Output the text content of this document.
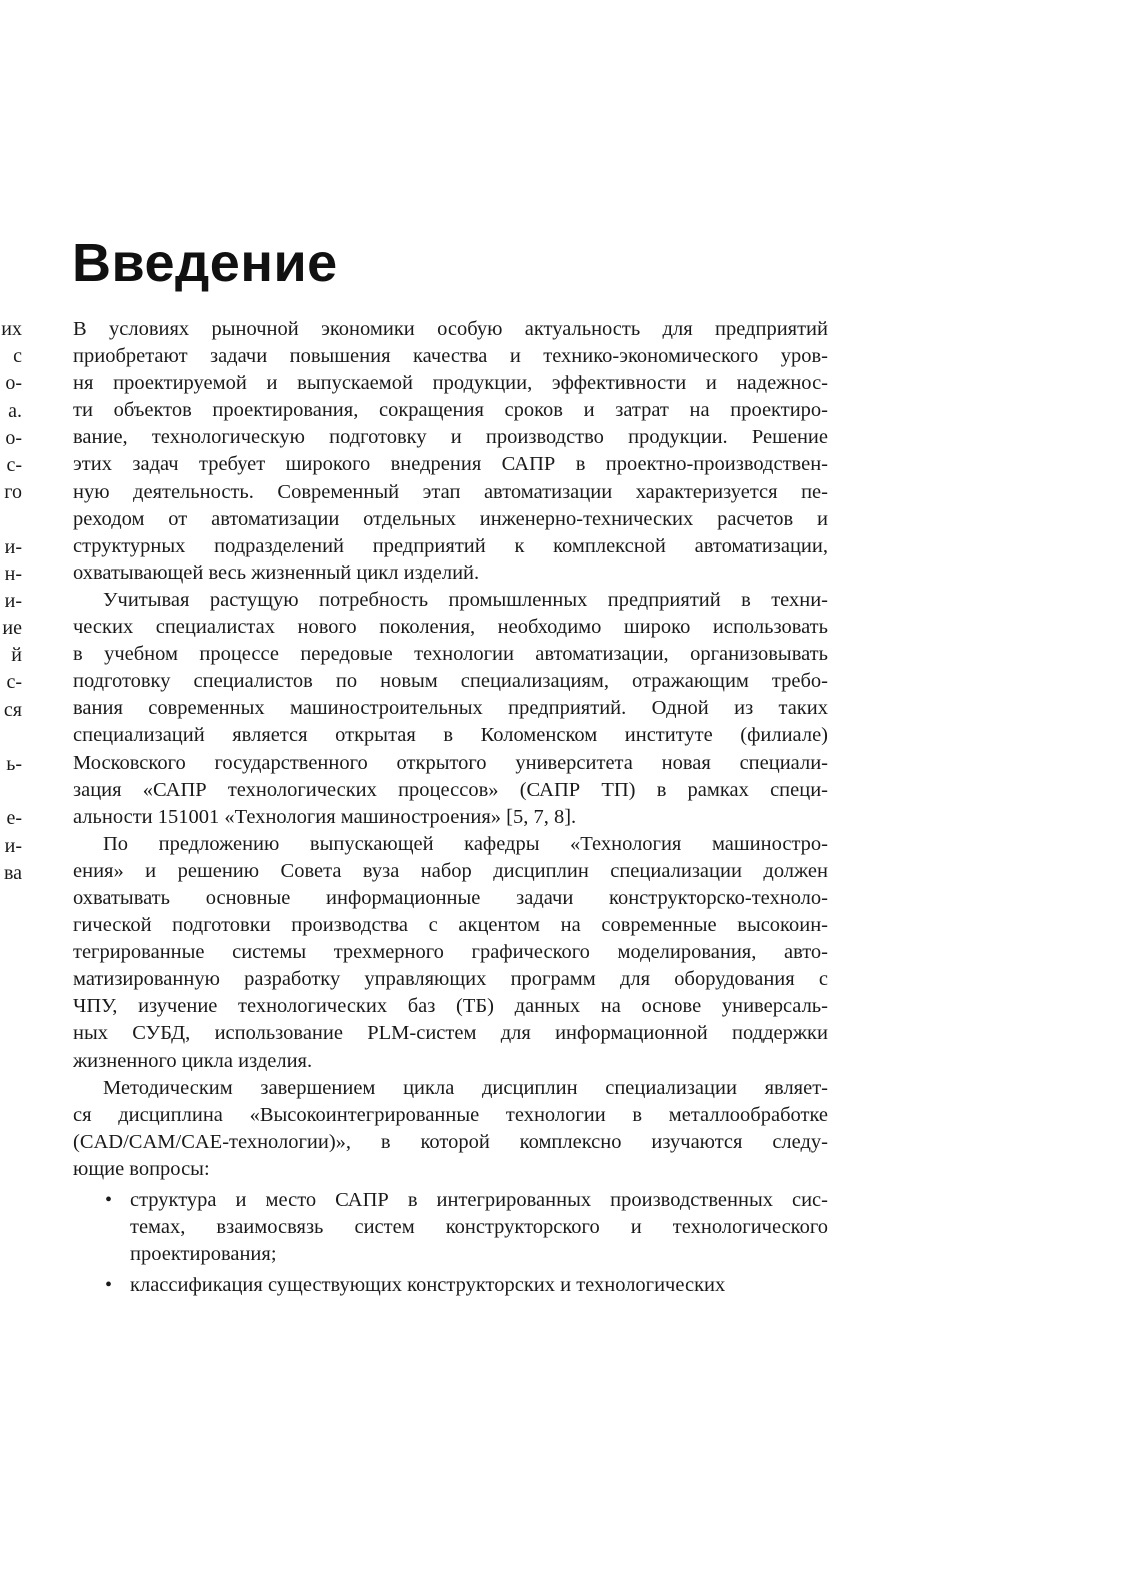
Введение
их
с
о-
а.
о-
с-
го
и-
н-
и-
ие
й
с-
ся
ь-
е-
и-
ва
В условиях рыночной экономики особую актуальность для предприятий
приобретают задачи повышения качества и технико-экономического уров-
ня проектируемой и выпускаемой продукции, эффективности и надежнос-
ти объектов проектирования, сокращения сроков и затрат на проектиро-
вание, технологическую подготовку и производство продукции. Решение
этих задач требует широкого внедрения САПР в проектно-производствен-
ную деятельность. Современный этап автоматизации характеризуется пе-
реходом от автоматизации отдельных инженерно-технических расчетов и
структурных подразделений предприятий к комплексной автоматизации,
охватывающей весь жизненный цикл изделий.
Учитывая растущую потребность промышленных предприятий в техни-
ческих специалистах нового поколения, необходимо широко использовать
в учебном процессе передовые технологии автоматизации, организовывать
подготовку специалистов по новым специализациям, отражающим требо-
вания современных машиностроительных предприятий. Одной из таких
специализаций является открытая в Коломенском институте (филиале)
Московского государственного открытого университета новая специали-
зация «САПР технологических процессов» (САПР ТП) в рамках специ-
альности 151001 «Технология машиностроения» [5, 7, 8].
По предложению выпускающей кафедры «Технология машиностро-
ения» и решению Совета вуза набор дисциплин специализации должен
охватывать основные информационные задачи конструкторско-техноло-
гической подготовки производства с акцентом на современные высокоин-
тегрированные системы трехмерного графического моделирования, авто-
матизированную разработку управляющих программ для оборудования с
ЧПУ, изучение технологических баз (ТБ) данных на основе универсаль-
ных СУБД, использование PLM-систем для информационной поддержки
жизненного цикла изделия.
Методическим завершением цикла дисциплин специализации являет-
ся дисциплина «Высокоинтегрированные технологии в металлообработке
(CAD/CAM/CAE-технологии)», в которой комплексно изучаются следу-
ющие вопросы:
• структура и место САПР в интегрированных производственных сис-
темах, взаимосвязь систем конструкторского и технологического
проектирования;
• классификация существующих конструкторских и технологических
